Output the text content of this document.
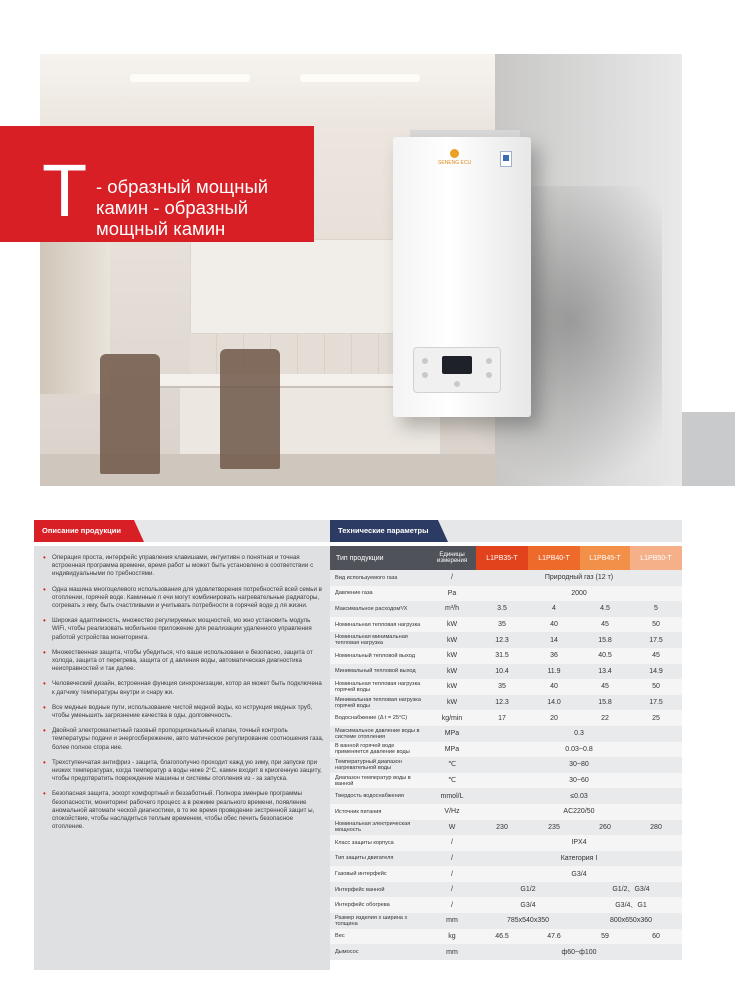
SENENG ECU
T - образный мощный камин - образный мощный камин
Описание продукции	Технические параметры
• Операция проста, интерфейс управления клавишами, интуитивн о понятная и точная встроенная программа времени, время работ ы может быть установлено в соответствии с индивидуальными по требностями.
• Одна машина многоцелевого использования для удовлетворения потребностей всей семьи в отоплении, горячей воде. Каминные п ечи могут комбинировать нагревательные радиаторы, согревать з иму, быть счастливыми и учитывать потребности в горячей воде д ля жизни.
• Широкая адаптивность, множество регулируемых мощностей, мо жно установить модуль WiFi, чтобы реализовать мобильное приложение для реализации удаленного управления работой устройства мониторинга.
• Множественная защита, чтобы убедиться, что ваше использовани е безопасно, защита от холода, защита от перегрева, защита от д авления воды, автоматическая диагностика неисправностей и так далее.
• Человеческий дизайн, встроенная функция синхронизации, котор ая может быть подключена к датчику температуры внутри и снару жи.
• Все медные водные пути, использование чистой медной воды, ко нструкция медных труб, чтобы уменьшить загрязнение качества в оды, долговечность.
• Двойной электромагнитный газовый пропорциональный клапан, точный контроль температуры подачи и энергосбережение, авто матическое регулирование соотношения газа, более полное сгора ние.
• Трехступенчатая антифриз - защита, благополучно проходит кажд ую зиму, при запуске при низких температурах, когда температур а воды ниже 2°C, камин входит в криогенную защиту, чтобы предотвратить повреждение машины и системы отопления из - за запуска.
• Безопасная защита, эскорт комфортный и беззаботный. Полнора зменрые программы безопасности, мониторинг рабочего процесс а в режиме реального времени, появление аномальной автомати ческой диагностики, в то же время проведение экстренной защит ы, спокойствие, чтобы насладиться теплым временем, чтобы обес печить безопасное отопление.
Тип продукции	Единицы измерения	L1PB35-T	L1PB40-T	L1PB45-T	L1PB50-T
Вид используемого газа	/	Природный газ (12 т)			
Давление газа	Pa	2000			
Максимальное расходом³/Х	m³/h	3.5	4	4.5	5
Номинальная тепловая нагрузка	kW	35	40	45	50
Номинальная минимальная тепловая нагрузка	kW	12.3	14	15.8	17.5
Номинальный тепловой выход	kW	31.5	36	40.5	45
Минимальный тепловой выход	kW	10.4	11.9	13.4	14.9
Номинальная тепловая нагрузка горячей воды	kW	35	40	45	50
Минимальная тепловая нагрузка горячей воды	kW	12.3	14.0	15.8	17.5
Водоснабжение (Δ t = 25°C)	kg/min	17	20	22	25
Максимальное давление воды в системе отопления	MPa	0.3			
В ванной горячей воде применяется давление воды	MPa	0.03~0.8			
Температурный диапазон нагревательной воды	℃	30~80			
Диапазон температур воды в ванной	℃	30~60			
Твердость водоснабжения	mmol/L	≤0.03			
Источник питания	V/Hz	AC220/50			
Номинальная электрическая мощность	W	230	235	260	280
Класс защиты корпуса	/	IPX4			
Тип защиты двигателя	/	Категория I			
Газовый интерфейс	/	G3/4			
Интерфейс ванной	/	G1/2		G1/2、G3/4	
Интерфейс обогрева	/	G3/4		G3/4、G1	
Размер изделия x ширина x толщина	mm	785x540x350		800x650x360	
Вес	kg	46.5	47.6	59	60
Дымосос	mm	ф60~ф100			
